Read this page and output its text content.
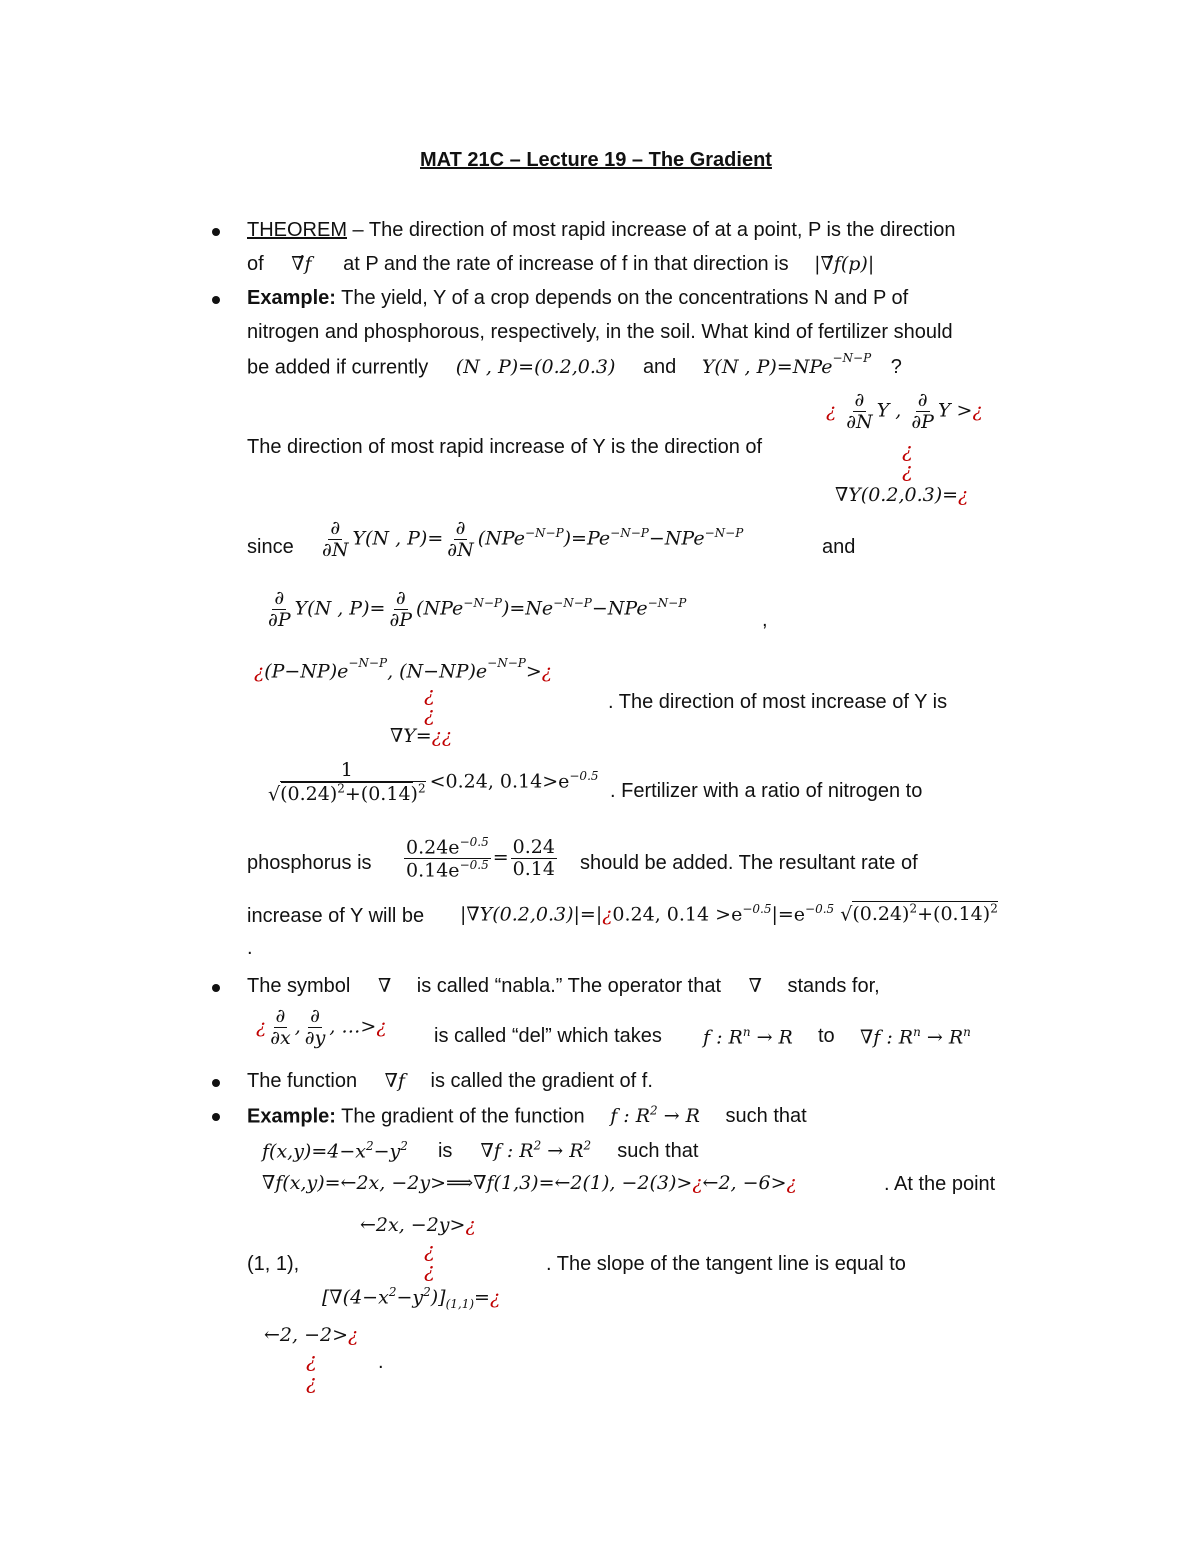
MAT 21C – Lecture 19 – The Gradient
THEOREM – The direction of most rapid increase of at a point, P is the direction
of ∇́f at P and the rate of increase of f in that direction is |∇́f(p)|
Example: The yield, Y of a crop depends on the concentrations N and P of
nitrogen and phosphorous, respectively, in the soil. What kind of fertilizer should
be added if currently (N , P)=(0.2,0.3) and Y(N , P)=NPe$^{-N-P}$ ?
¿ $\frac{\partial}{\partial N}$ Y , $\frac{\partial}{\partial P}$ Y >¿
The direction of most rapid increase of Y is the direction of	¿
¿
∇Y(0.2,0.3)=¿
since $\frac{\partial}{\partial N} Y(N$ , $P)= \frac{\partial}{\partial N} (NPe^{-N-P})=Pe^{-N-P}-NPe^{-N-P}$
and
$\frac{\partial}{\partial P} Y(N$ , $P)= \frac{\partial}{\partial P} (NPe^{-N-P})=Ne^{-N-P}-NPe^{-N-P}$
,
¿$(P-NP)e^{-N-P}$, $(N-NP)e^{-N-P}>¿$
¿
¿	. The direction of most increase of Y is
∇Y=¿¿
$\frac{1}{√(0.24)^2+(0.14)^2} <0.24$, $0.14>e^{-0.5}$
. Fertilizer with a ratio of nitrogen to
phosphorus is $\frac{0.24e^{-0.5}}{0.14e^{-0.5}} = \frac{0.24}{0.14}$ should be added. The resultant rate of
increase of Y will be |∇Y(0.2,0.3)|=|¿0.24, $0.14 >e^{-0.5}|=e^{-0.5}$ $√(0.24)^2+(0.14)^2$
.
The symbol ∇ is called “nabla.” The operator that ∇ stands for,
¿ $\frac{\partial}{\partial x}$ , $\frac{\partial}{\partial y}$ , …>¿ is called “del” which takes f : $R^n \to R$ to ∇f : $R^n \to R^n$
The function ∇f is called the gradient of f.
Example: The gradient of the function f : $R^2 \to R$ such that
$f(x,y)=4-x^2-y^2$ is ∇f : $R^2 \to R^2$ such that
∇f(x,y)=←2x, −2y>⟹∇f(1,3)=←2(1), −2(3)>¿←2, −6>¿	. At the point
←2x, −2y>¿
¿
¿
(1, 1),	. The slope of the tangent line is equal to
$[\nabla(4-x^2-y^2)]_{(1,1)}=¿$
←2, −2>¿
¿	.
¿
